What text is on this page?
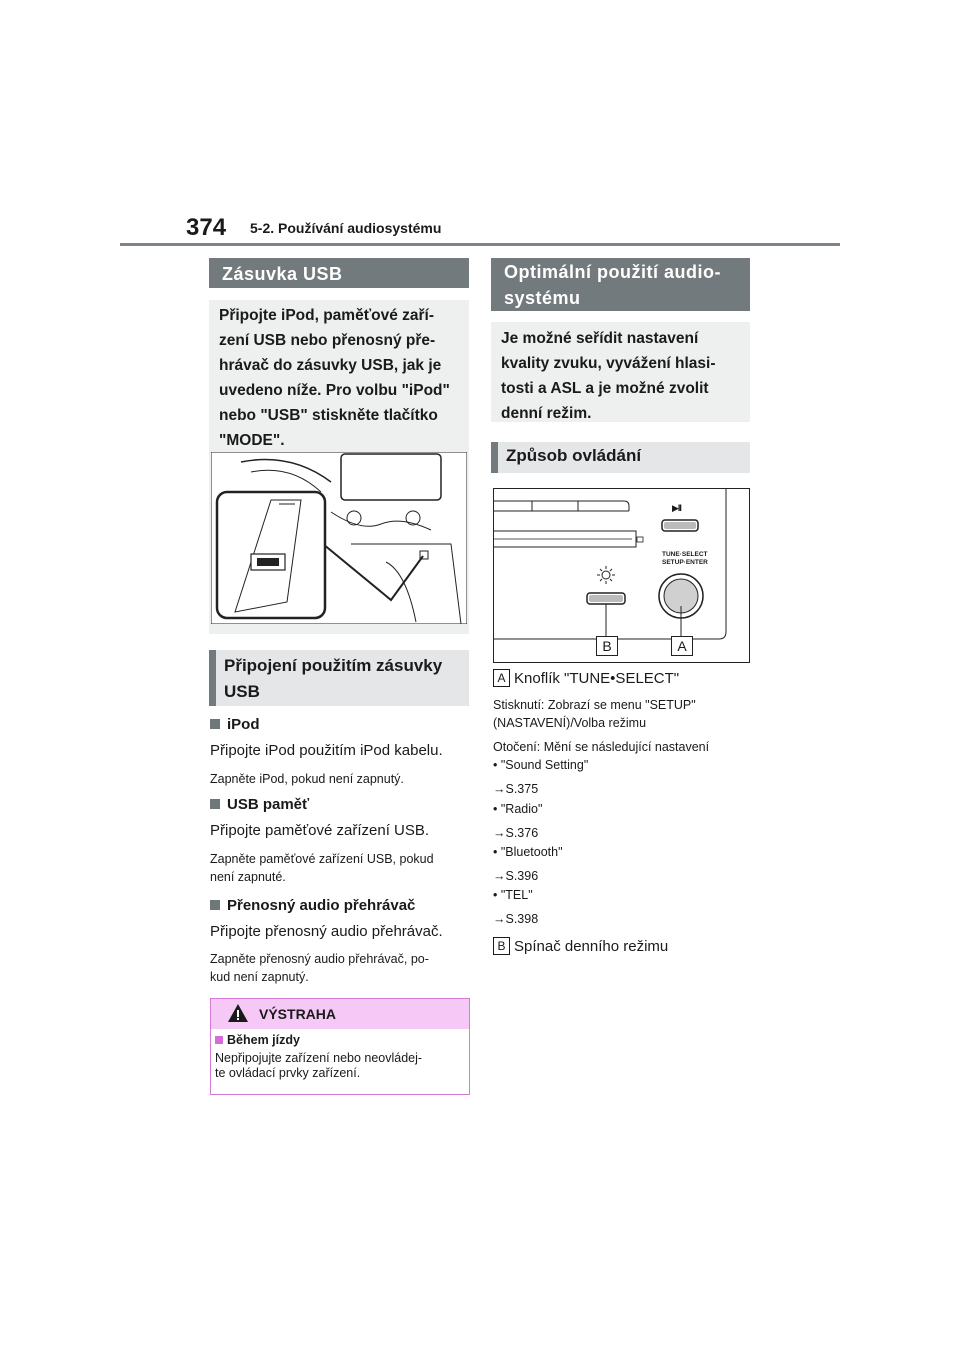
374 5-2. Používání audiosystému
Zásuvka USB
Připojte iPod, paměťové zaří-
zení USB nebo přenosný pře-
hrávač do zásuvky USB, jak je
uvedeno níže. Pro volbu "iPod"
nebo "USB" stiskněte tlačítko
"MODE".
Připojení použitím zásuvky
USB
iPod
Připojte iPod použitím iPod kabelu.
Zapněte iPod, pokud není zapnutý.
USB paměť
Připojte paměťové zařízení USB.
Zapněte paměťové zařízení USB, pokud
není zapnuté.
Přenosný audio přehrávač
Připojte přenosný audio přehrávač.
Zapněte přenosný audio přehrávač, po-
kud není zapnutý.
VÝSTRAHA
Během jízdy
Nepřipojujte zařízení nebo neovládej-
te ovládací prvky zařízení.
Optimální použití audio-
systému
Je možné seřídit nastavení
kvality zvuku, vyvážení hlasi-
tosti a ASL a je možné zvolit
denní režim.
Způsob ovládání
▶II
TUNE·SELECT
SETUP·ENTER
B	A
A Knoflík "TUNE•SELECT"
Stisknutí: Zobrazí se menu "SETUP"
(NASTAVENÍ)/Volba režimu
Otočení: Mění se následující nastavení
• "Sound Setting"
→S.375
• "Radio"
→S.376
• "Bluetooth"
→S.396
• "TEL"
→S.398
B Spínač denního režimu
